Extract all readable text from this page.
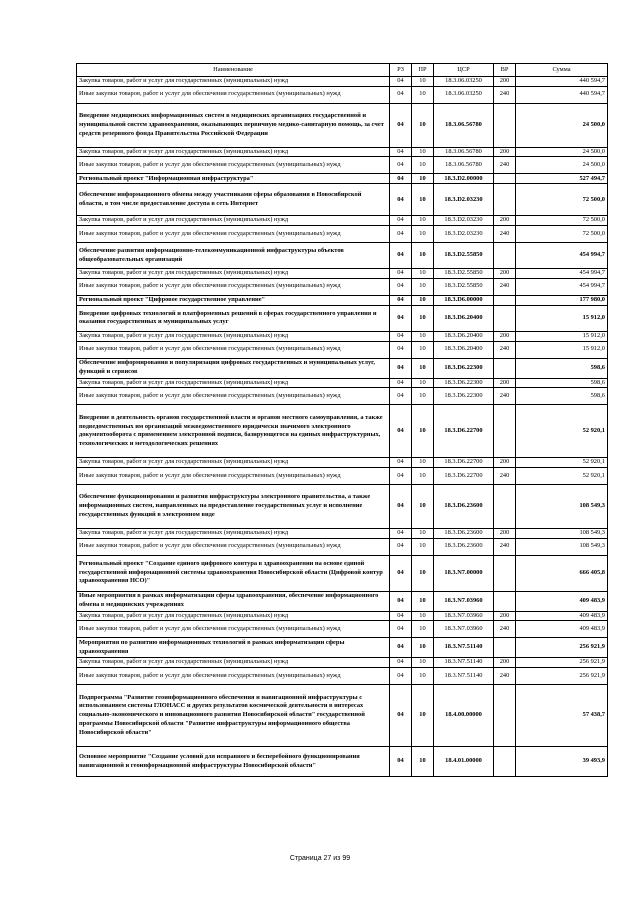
Наименование	РЗ	ПР	ЦСР	ВР	Сумма
Закупка товаров, работ и услуг для государственных (муниципальных) нужд	04	10	18.3.06.03250	200	440 594,7
Иные закупки товаров, работ и услуг для обеспечения государственных (муниципальных) нужд	04	10	18.3.06.03250	240	440 594,7
Внедрение медицинских информационных систем в медицинских организациях государственной и муниципальной систем здравоохранения, оказывающих первичную медико-санитарную помощь, за счет средств резервного фонда Правительства Российской Федерации	04	10	18.3.06.56780		24 500,0
Закупка товаров, работ и услуг для государственных (муниципальных) нужд	04	10	18.3.06.56780	200	24 500,0
Иные закупки товаров, работ и услуг для обеспечения государственных (муниципальных) нужд	04	10	18.3.06.56780	240	24 500,0
Региональный проект "Информационная инфраструктура"	04	10	18.3.D2.00000		527 494,7
Обеспечение информационного обмена между участниками сферы образования в Новосибирской области, в том числе предоставление доступа в сеть Интернет	04	10	18.3.D2.03230		72 500,0
Закупка товаров, работ и услуг для государственных (муниципальных) нужд	04	10	18.3.D2.03230	200	72 500,0
Иные закупки товаров, работ и услуг для обеспечения государственных (муниципальных) нужд	04	10	18.3.D2.03230	240	72 500,0
Обеспечение развития информационно-телекоммуникационной инфраструктуры объектов общеобразовательных организаций	04	10	18.3.D2.55850		454 994,7
Закупка товаров, работ и услуг для государственных (муниципальных) нужд	04	10	18.3.D2.55850	200	454 994,7
Иные закупки товаров, работ и услуг для обеспечения государственных (муниципальных) нужд	04	10	18.3.D2.55850	240	454 994,7
Региональный проект "Цифровое государственное управление"	04	10	18.3.D6.00000		177 980,0
Внедрение цифровых технологий и платформенных решений в сферах государственного управления и оказания государственных и муниципальных услуг	04	10	18.3.D6.20400		15 912,0
Закупка товаров, работ и услуг для государственных (муниципальных) нужд	04	10	18.3.D6.20400	200	15 912,0
Иные закупки товаров, работ и услуг для обеспечения государственных (муниципальных) нужд	04	10	18.3.D6.20400	240	15 912,0
Обеспечение информирования и популяризации цифровых государственных и муниципальных услуг, функций и сервисов	04	10	18.3.D6.22300		598,6
Закупка товаров, работ и услуг для государственных (муниципальных) нужд	04	10	18.3.D6.22300	200	598,6
Иные закупки товаров, работ и услуг для обеспечения государственных (муниципальных) нужд	04	10	18.3.D6.22300	240	598,6
Внедрение в деятельность органов государственной власти и органов местного самоуправления, а также подведомственных им организаций межведомственного юридически значимого электронного документооборота с применением электронной подписи, базирующегося на единых инфраструктурных, технологических и методологических решениях	04	10	18.3.D6.22700		52 920,1
Закупка товаров, работ и услуг для государственных (муниципальных) нужд	04	10	18.3.D6.22700	200	52 920,1
Иные закупки товаров, работ и услуг для обеспечения государственных (муниципальных) нужд	04	10	18.3.D6.22700	240	52 920,1
Обеспечение функционирования и развития инфраструктуры электронного правительства, а также информационных систем, направленных на предоставление государственных услуг и исполнение государственных функций в электронном виде	04	10	18.3.D6.23600		108 549,3
Закупка товаров, работ и услуг для государственных (муниципальных) нужд	04	10	18.3.D6.23600	200	108 549,3
Иные закупки товаров, работ и услуг для обеспечения государственных (муниципальных) нужд	04	10	18.3.D6.23600	240	108 549,3
Региональный проект "Создание единого цифрового контура в здравоохранении на основе единой государственной информационной системы здравоохранения Новосибирской области (Цифровой контур здравоохранения НСО)"	04	10	18.3.N7.00000		666 405,8
Иные мероприятия в рамках информатизации сферы здравоохранения, обеспечение информационного обмена в медицинских учреждениях	04	10	18.3.N7.03960		409 483,9
Закупка товаров, работ и услуг для государственных (муниципальных) нужд	04	10	18.3.N7.03960	200	409 483,9
Иные закупки товаров, работ и услуг для обеспечения государственных (муниципальных) нужд	04	10	18.3.N7.03960	240	409 483,9
Мероприятия по развитию информационных технологий в рамках информатизации сферы здравоохранения	04	10	18.3.N7.51140		256 921,9
Закупка товаров, работ и услуг для государственных (муниципальных) нужд	04	10	18.3.N7.51140	200	256 921,9
Иные закупки товаров, работ и услуг для обеспечения государственных (муниципальных) нужд	04	10	18.3.N7.51140	240	256 921,9
Подпрограмма "Развитие геоинформационного обеспечения и навигационной инфраструктуры с использованием системы ГЛОНАСС и других результатов космической деятельности в интересах социально-экономического и инновационного развития Новосибирской области" государственной программы Новосибирской области "Развитие инфраструктуры информационного общества Новосибирской области"	04	10	18.4.00.00000		57 438,7
Основное мероприятие "Создание условий для исправного и бесперебойного функционирования навигационной и геоинформационной инфраструктуры Новосибирской области"	04	10	18.4.01.00000		39 493,9
Страница 27 из 99
